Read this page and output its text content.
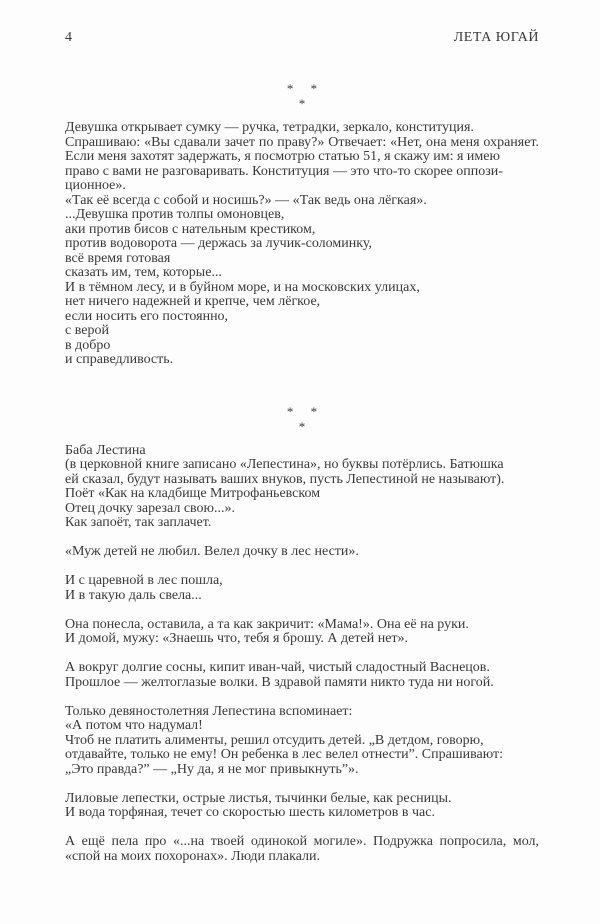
4	ЛЕТА ЮГАЙ
* *
*
Девушка открывает сумку — ручка, тетрадки, зеркало, конституция.
Спрашиваю: «Вы сдавали зачет по праву?» Отвечает: «Нет, она меня охраняет.
Если меня захотят задержать, я посмотрю статью 51, я скажу им: я имею
право с вами не разговаривать. Конституция — это что-то скорее оппози-
ционное».
«Так её всегда с собой и носишь?» — «Так ведь она лёгкая».
...Девушка против толпы омоновцев,
аки против бисов с нательным крестиком,
против водоворота — держась за лучик-соломинку,
всё время готовая
сказать им, тем, которые...
И в тёмном лесу, и в буйном море, и на московских улицах,
нет ничего надежней и крепче, чем лёгкое,
если носить его постоянно,
с верой
в добро
и справедливость.
* *
*
Баба Лестина
(в церковной книге записано «Лепестина», но буквы потёрлись. Батюшка
ей сказал, будут называть ваших внуков, пусть Лепестиной не называют).
Поёт «Как на кладбище Митрофаньевском
Отец дочку зарезал свою...».
Как запоёт, так заплачет.
«Муж детей не любил. Велел дочку в лес нести».
И с царевной в лес пошла,
И в такую даль свела...
Она понесла, оставила, а та как закричит: «Мама!». Она её на руки.
И домой, мужу: «Знаешь что, тебя я брошу. А детей нет».
А вокруг долгие сосны, кипит иван-чай, чистый сладостный Васнецов.
Прошлое — желтоглазые волки. В здравой памяти никто туда ни ногой.
Только девяностолетняя Лепестина вспоминает:
«А потом что надумал!
Чтоб не платить алименты, решил отсудить детей. „В детдом, говорю,
отдавайте, только не ему! Он ребенка в лес велел отнести”. Спрашивают:
„Это правда?” — „Ну да, я не мог привыкнуть”».
Лиловые лепестки, острые листья, тычинки белые, как ресницы.
И вода торфяная, течет со скоростью шесть километров в час.
А ещё пела про «...на твоей одинокой могиле». Подружка попросила, мол,
«спой на моих похоронах». Люди плакали.
